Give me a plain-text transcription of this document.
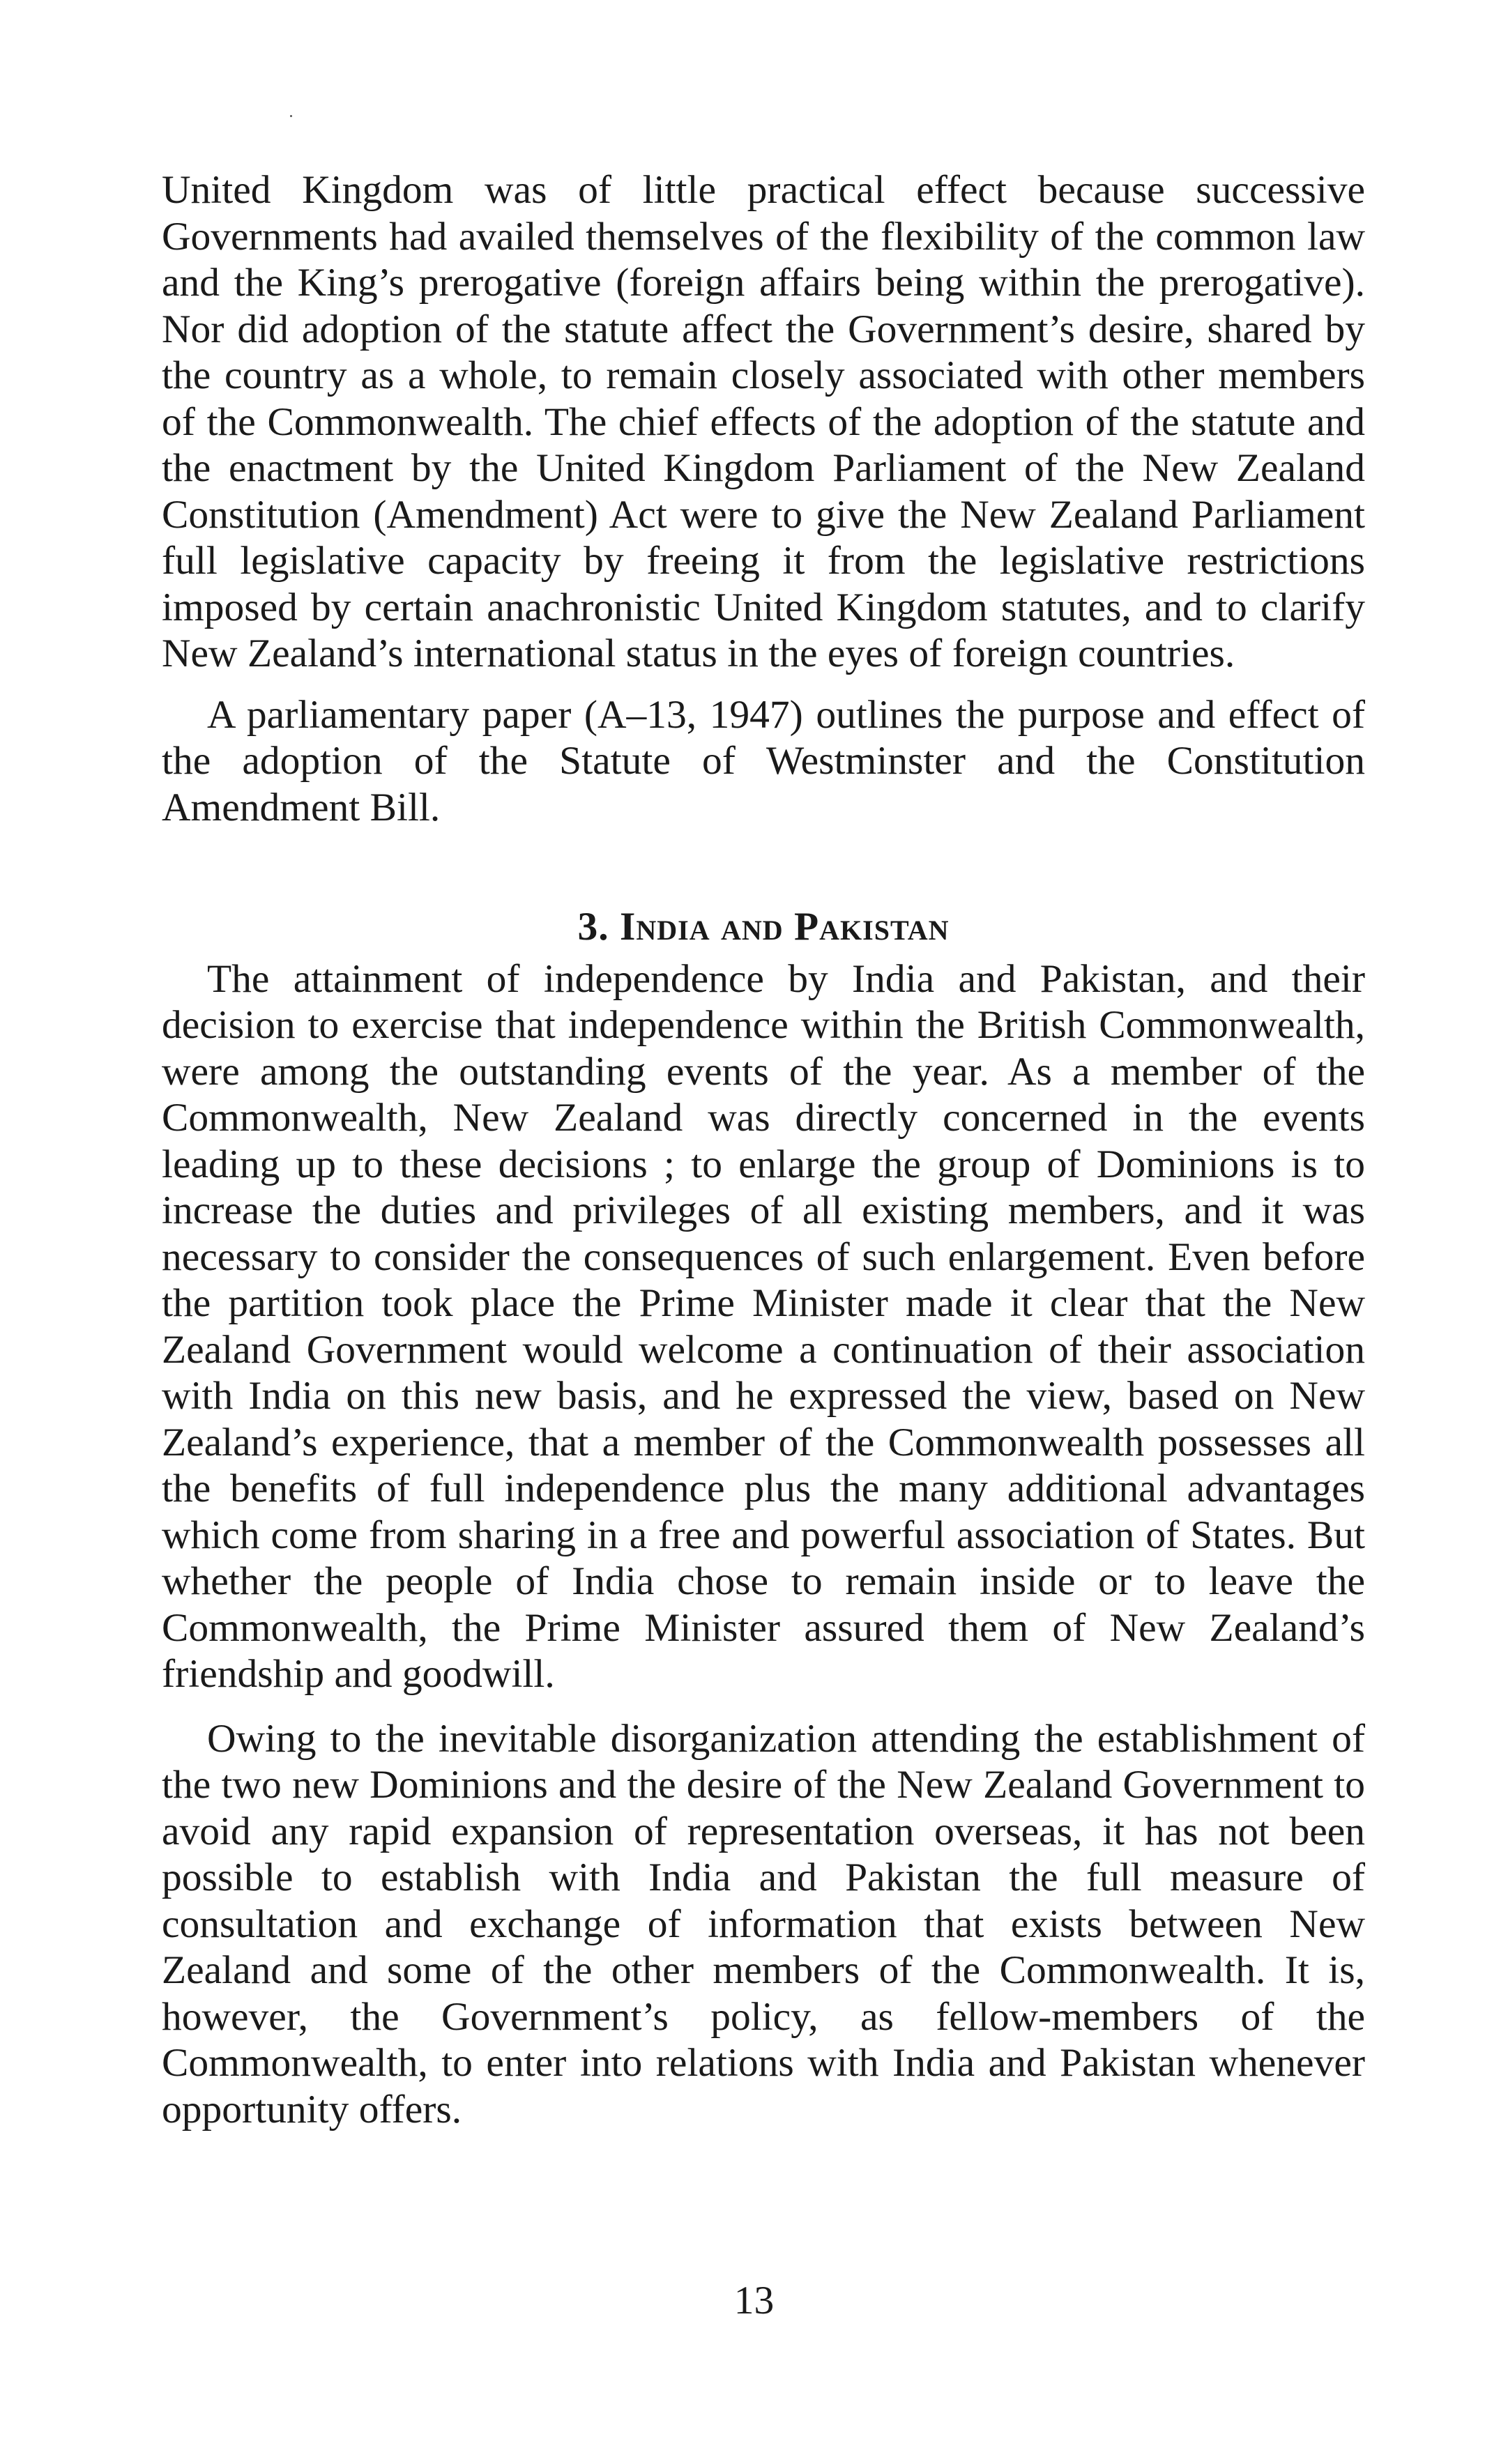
United Kingdom was of little practical effect because successive Governments had availed themselves of the flexibility of the common law and the King’s prerogative (foreign affairs being within the prerogative). Nor did adoption of the statute affect the Government’s desire, shared by the country as a whole, to remain closely associated with other members of the Commonwealth. The chief effects of the adoption of the statute and the enactment by the United Kingdom Parliament of the New Zealand Constitution (Amendment) Act were to give the New Zealand Parliament full legislative capacity by freeing it from the legislative restrictions imposed by certain anachronistic United Kingdom statutes, and to clarify New Zealand’s international status in the eyes of foreign countries.

A parliamentary paper (A–13, 1947) outlines the purpose and effect of the adoption of the Statute of Westminster and the Constitution Amendment Bill.

3. India and Pakistan

The attainment of independence by India and Pakistan, and their decision to exercise that independence within the British Commonwealth, were among the outstanding events of the year. As a member of the Commonwealth, New Zealand was directly concerned in the events leading up to these decisions ; to enlarge the group of Dominions is to increase the duties and privileges of all existing members, and it was necessary to consider the consequences of such enlargement. Even before the partition took place the Prime Minister made it clear that the New Zealand Government would welcome a continuation of their association with India on this new basis, and he expressed the view, based on New Zealand’s experience, that a member of the Commonwealth possesses all the benefits of full independence plus the many additional advantages which come from sharing in a free and powerful association of States. But whether the people of India chose to remain inside or to leave the Commonwealth, the Prime Minister assured them of New Zealand’s friendship and goodwill.

Owing to the inevitable disorganization attending the establishment of the two new Dominions and the desire of the New Zealand Government to avoid any rapid expansion of representation overseas, it has not been possible to establish with India and Pakistan the full measure of consultation and exchange of information that exists between New Zealand and some of the other members of the Commonwealth. It is, however, the Government’s policy, as fellow-members of the Commonwealth, to enter into relations with India and Pakistan whenever opportunity offers.

13
